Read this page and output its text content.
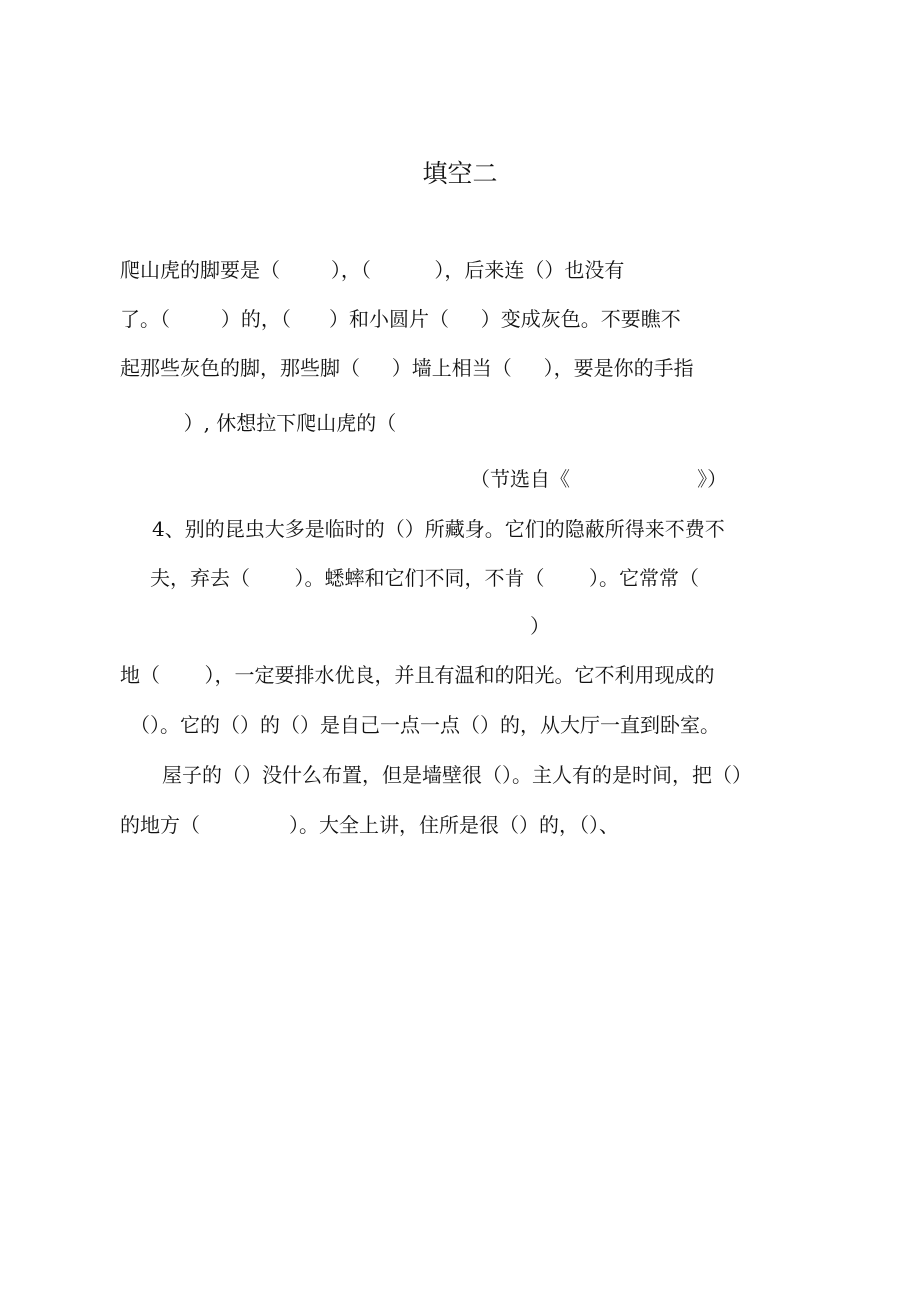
填空二
爬山虎的脚要是（        ），（          ），后来连（）也没有
了。（        ）的，（      ）和小圆片（     ）变成灰色。不要瞧不
起那些灰色的脚，那些脚（     ）墙上相当（     ），要是你的手指
）, 休想拉下爬山虎的（
（节选自《                    》）
4、别的昆虫大多是临时的（）所藏身。它们的隐蔽所得来不费不
夫，弃去（       ）。蟋蟀和它们不同，不肯（       ）。它常常（
）
地（       ），一定要排水优良，并且有温和的阳光。它不利用现成的
（）。它的（）的（）是自己一点一点（）的，从大厅一直到卧室。
屋子的（）没什么布置，但是墙壁很（）。主人有的是时间，把（）
的地方（              ）。大全上讲，住所是很（）的，（）、
